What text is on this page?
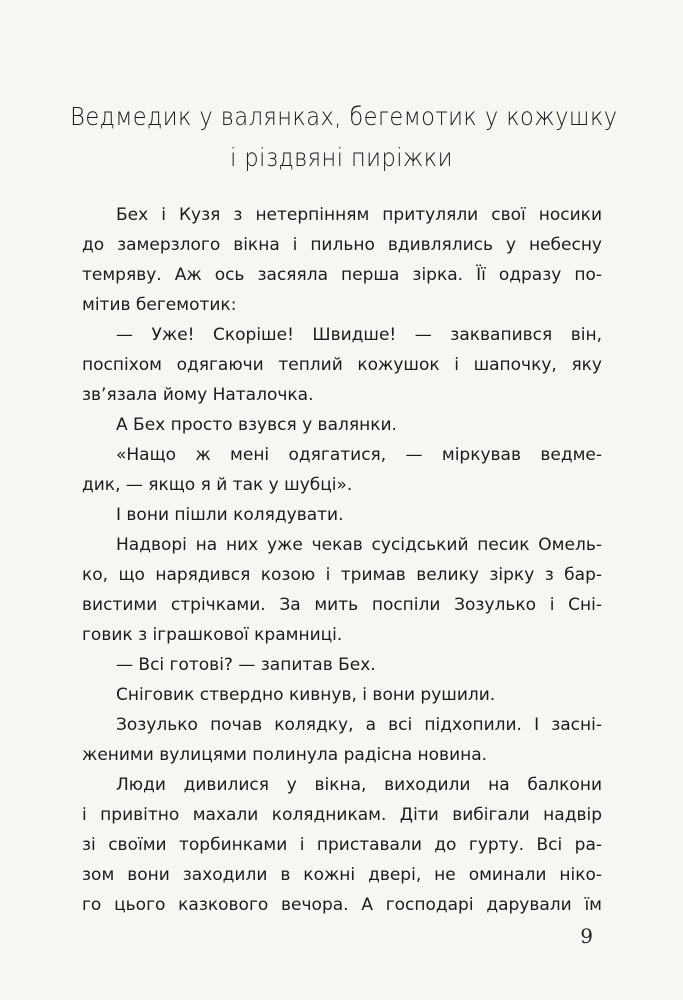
Ведмедик у валянках, бегемотик у кожушку
і різдвяні пиріжки
Бех і Кузя з нетерпінням притуляли свої носики
до замерзлого вікна і пильно вдивлялись у небесну
темряву. Аж ось засяяла перша зірка. Її одразу по-
мітив бегемотик:
— Уже! Скоріше! Швидше! — заквапився він,
поспіхом одягаючи теплий кожушок і шапочку, яку
зв’язала йому Наталочка.
А Бех просто взувся у валянки.
«Нащо ж мені одягатися, — міркував ведме-
дик, — якщо я й так у шубці».
І вони пішли колядувати.
Надворі на них уже чекав сусідський песик Омель-
ко, що нарядився козою і тримав велику зірку з бар-
вистими стрічками. За мить поспіли Зозулько і Сні-
говик з іграшкової крамниці.
— Всі готові? — запитав Бех.
Сніговик ствердно кивнув, і вони рушили.
Зозулько почав колядку, а всі підхопили. І засні-
женими вулицями полинула радісна новина.
Люди дивилися у вікна, виходили на балкони
і привітно махали колядникам. Діти вибігали надвір
зі своїми торбинками і приставали до гурту. Всі ра-
зом вони заходили в кожні двері, не оминали ніко-
го цього казкового вечора. А господарі дарували їм
9
